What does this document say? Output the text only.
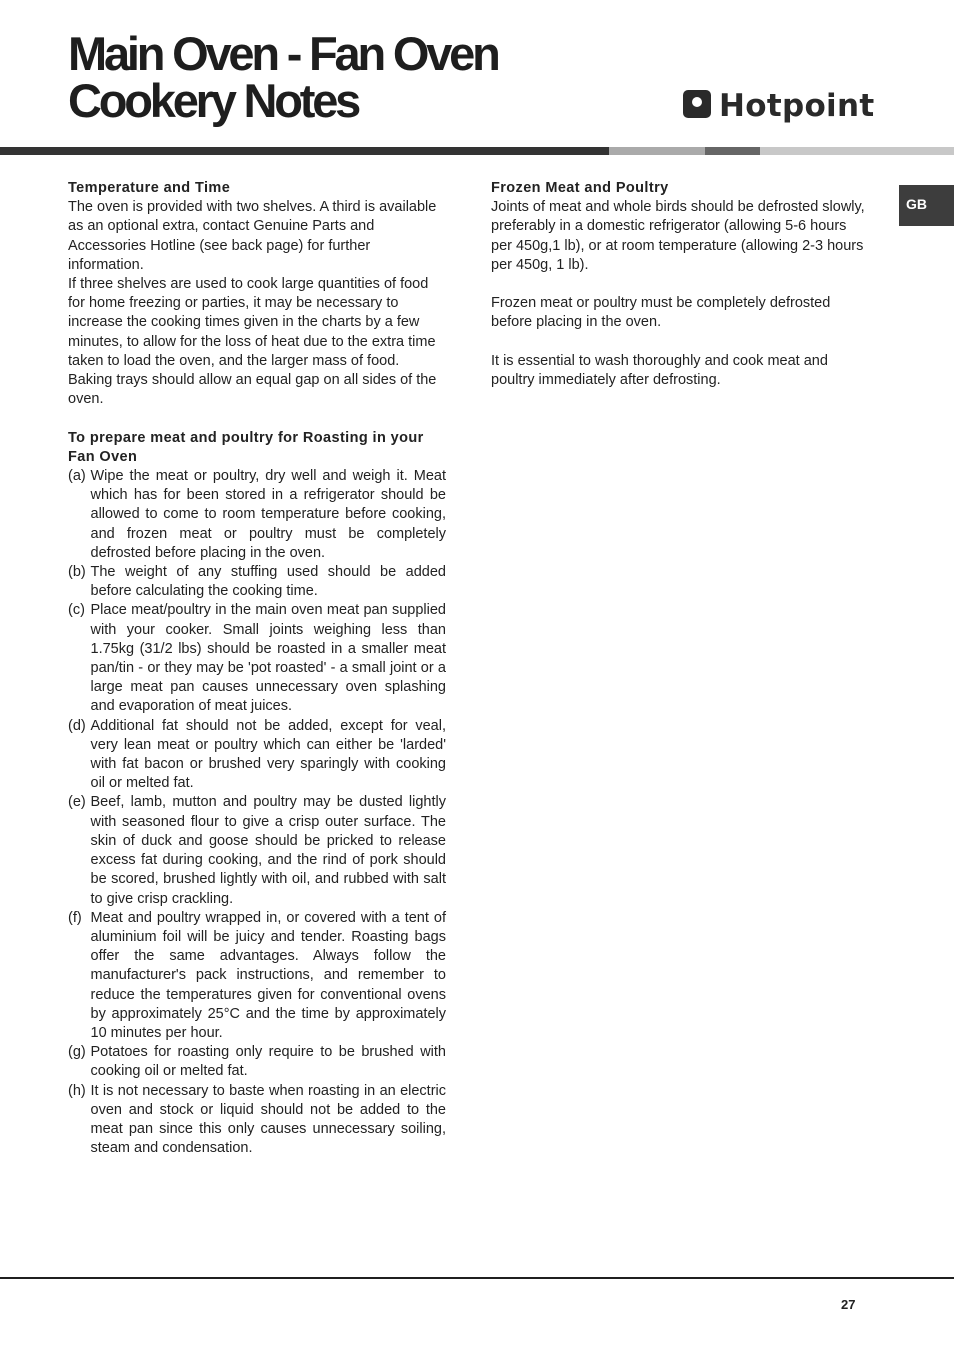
Main Oven - Fan Oven
Cookery Notes	Hotpoint
GB

Temperature and Time

The oven is provided with two shelves. A third is available as an optional extra, contact Genuine Parts and Accessories Hotline (see back page) for further information.

If three shelves are used to cook large quantities of food for home freezing or parties, it may be necessary to increase the cooking times given in the charts by a few minutes, to allow for the loss of heat due to the extra time taken to load the oven, and the larger mass of food.

Baking trays should allow an equal gap on all sides of the oven.

To prepare meat and poultry for Roasting in your Fan Oven

(a) Wipe the meat or poultry, dry well and weigh it. Meat which has for been stored in a refrigerator should be allowed to come to room temperature before cooking, and frozen meat or poultry must be completely defrosted before placing in the oven.
(b) The weight of any stuffing used should be added before calculating the cooking time.
(c) Place meat/poultry in the main oven meat pan supplied with your cooker. Small joints weighing less than 1.75kg (31/2 lbs) should be roasted in a smaller meat pan/tin - or they may be 'pot roasted' - a small joint or a large meat pan causes unnecessary oven splashing and evaporation of meat juices.
(d) Additional fat should not be added, except for veal, very lean meat or poultry which can either be 'larded' with fat bacon or brushed very sparingly with cooking oil or melted fat.
(e) Beef, lamb, mutton and poultry may be dusted lightly with seasoned flour to give a crisp outer surface. The skin of duck and goose should be pricked to release excess fat during cooking, and the rind of pork should be scored, brushed lightly with oil, and rubbed with salt to give crisp crackling.
(f) Meat and poultry wrapped in, or covered with a tent of aluminium foil will be juicy and tender. Roasting bags offer the same advantages. Always follow the manufacturer's pack instructions, and remember to reduce the temperatures given for conventional ovens by approximately 25°C and the time by approximately 10 minutes per hour.
(g) Potatoes for roasting only require to be brushed with cooking oil or melted fat.
(h) It is not necessary to baste when roasting in an electric oven and stock or liquid should not be added to the meat pan since this only causes unnecessary soiling, steam and condensation.

Frozen Meat and Poultry

Joints of meat and whole birds should be defrosted slowly, preferably in a domestic refrigerator (allowing 5-6 hours per 450g,1 lb), or at room temperature (allowing 2-3 hours per 450g, 1 lb).

Frozen meat or poultry must be completely defrosted before placing in the oven.

It is essential to wash thoroughly and cook meat and poultry immediately after defrosting.

27
